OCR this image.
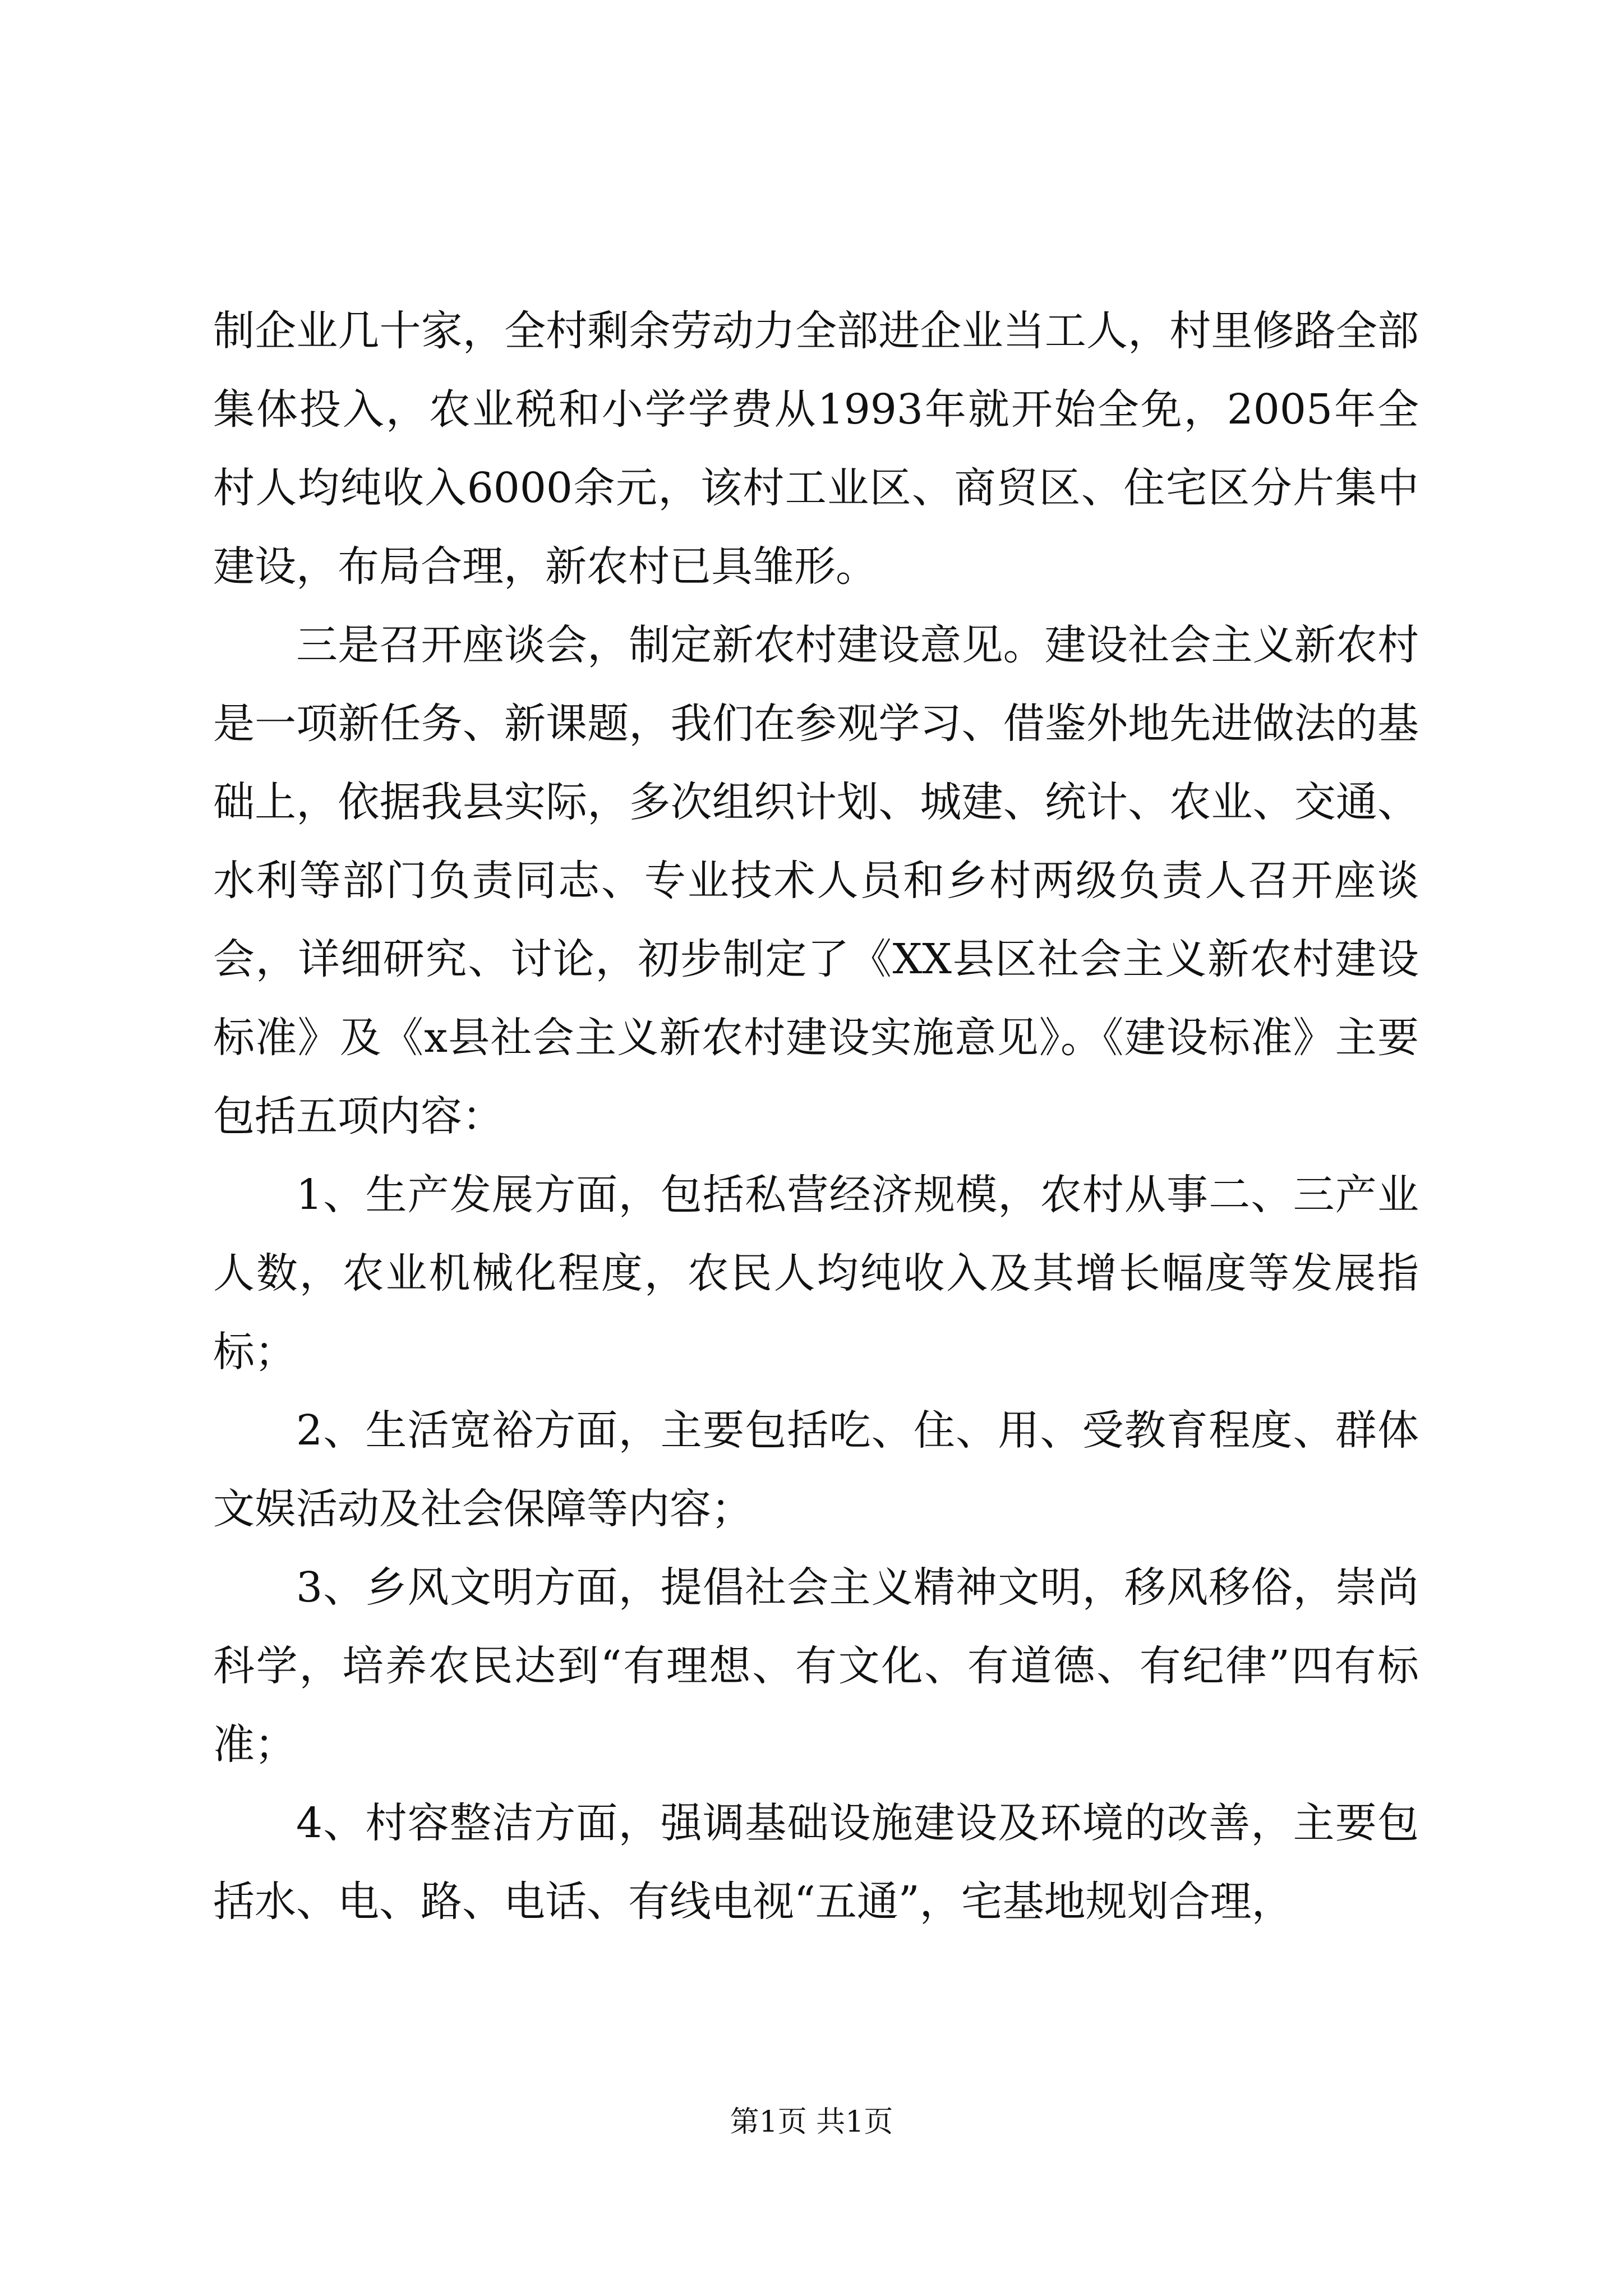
制企业几十家，全村剩余劳动力全部进企业当工人，村里修路全部集体投入，农业税和小学学费从1993年就开始全免，2005年全村人均纯收入6000余元，该村工业区、商贸区、住宅区分片集中建设，布局合理，新农村已具雏形。

三是召开座谈会，制定新农村建设意见。建设社会主义新农村是一项新任务、新课题，我们在参观学习、借鉴外地先进做法的基础上，依据我县实际，多次组织计划、城建、统计、农业、交通、水利等部门负责同志、专业技术人员和乡村两级负责人召开座谈会，详细研究、讨论，初步制定了《XX县区社会主义新农村建设标准》及《x县社会主义新农村建设实施意见》。《建设标准》主要包括五项内容：

1、生产发展方面，包括私营经济规模，农村从事二、三产业人数，农业机械化程度，农民人均纯收入及其增长幅度等发展指标；

2、生活宽裕方面，主要包括吃、住、用、受教育程度、群体文娱活动及社会保障等内容；

3、乡风文明方面，提倡社会主义精神文明，移风移俗，崇尚科学，培养农民达到“有理想、有文化、有道德、有纪律”四有标准；

4、村容整洁方面，强调基础设施建设及环境的改善，主要包括水、电、路、电话、有线电视“五通”，宅基地规划合理，

第1页 共1页
